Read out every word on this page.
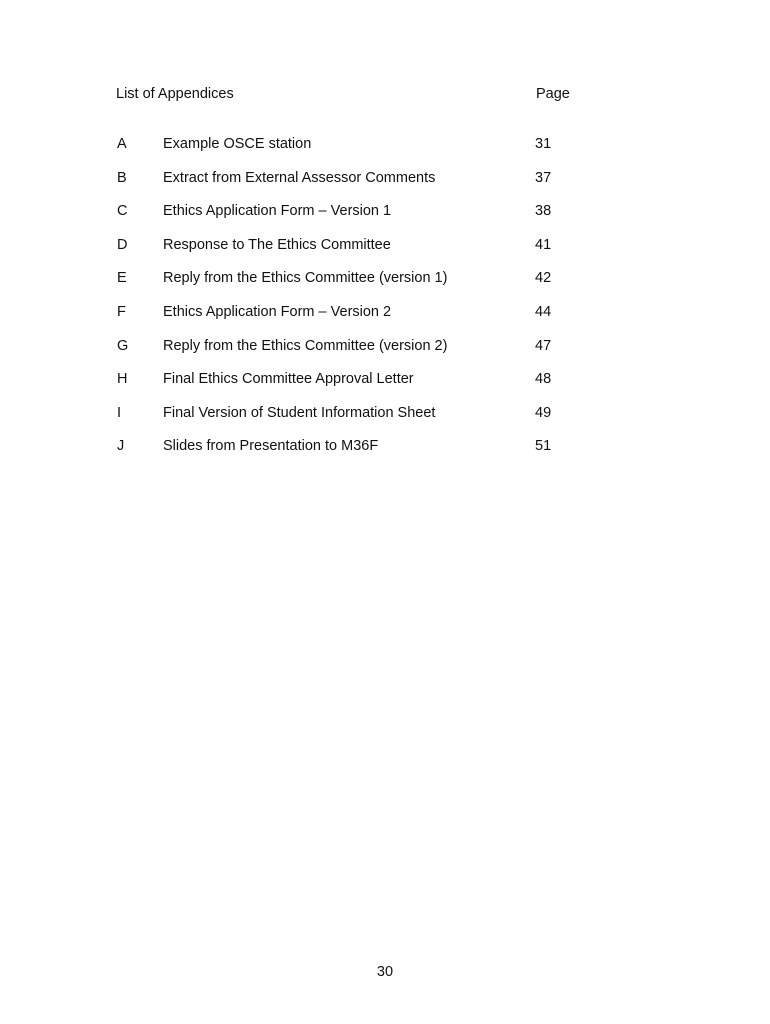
List of Appendices	Page
A	Example OSCE station	31
B	Extract from External Assessor Comments	37
C Ethics Application Form – Version 1	38
D Response to The Ethics Committee	41
E	Reply from the Ethics Committee (version 1)	42
F	Ethics Application Form – Version 2	44
G Reply from the Ethics Committee (version 2)	47
H Final Ethics Committee Approval Letter	48
I	Final Version of Student Information Sheet	49
J	Slides from Presentation to M36F	51
30
